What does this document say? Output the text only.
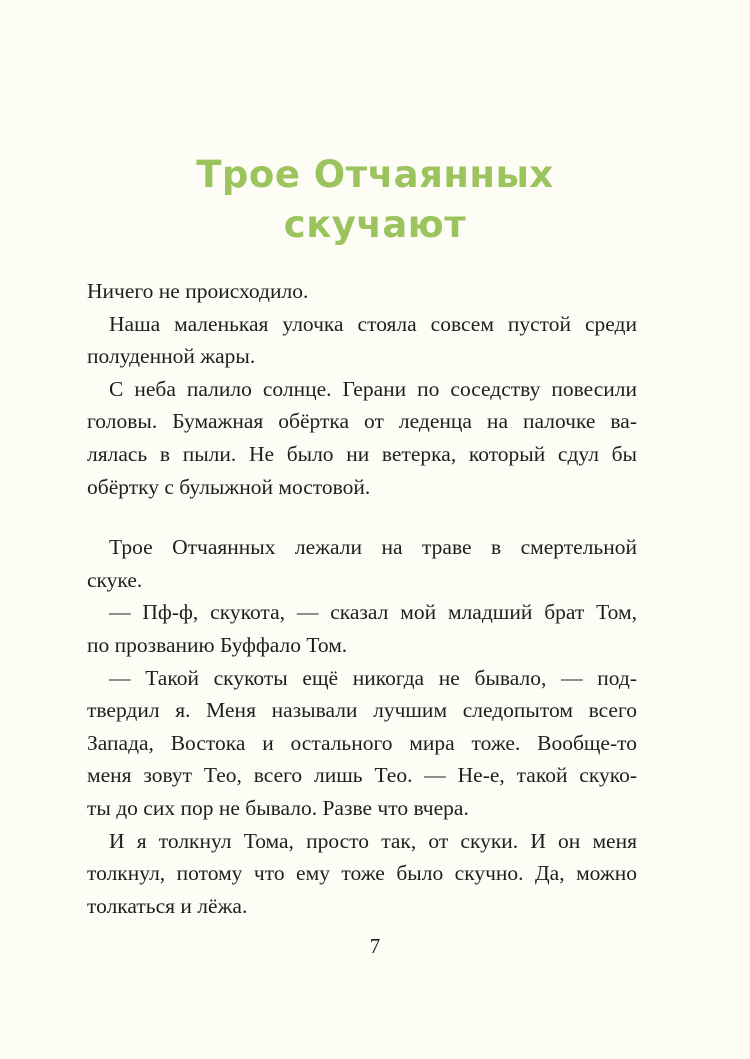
Трое Отчаянных
скучают
Ничего не происходило.
Наша маленькая улочка стояла совсем пустой среди
полуденной жары.
С неба палило солнце. Герани по соседству повесили
головы. Бумажная обёртка от леденца на палочке ва-
лялась в пыли. Не было ни ветерка, который сдул бы
обёртку с булыжной мостовой.
Трое Отчаянных лежали на траве в смертельной
скуке.
— Пф-ф, скукота, — сказал мой младший брат Том,
по прозванию Буффало Том.
— Такой скукоты ещё никогда не бывало, — под-
твердил я. Меня называли лучшим следопытом всего
Запада, Востока и остального мира тоже. Вообще-то
меня зовут Тео, всего лишь Тео. — Не-е, такой скуко-
ты до сих пор не бывало. Разве что вчера.
И я толкнул Тома, просто так, от скуки. И он меня
толкнул, потому что ему тоже было скучно. Да, можно
толкаться и лёжа.
7
